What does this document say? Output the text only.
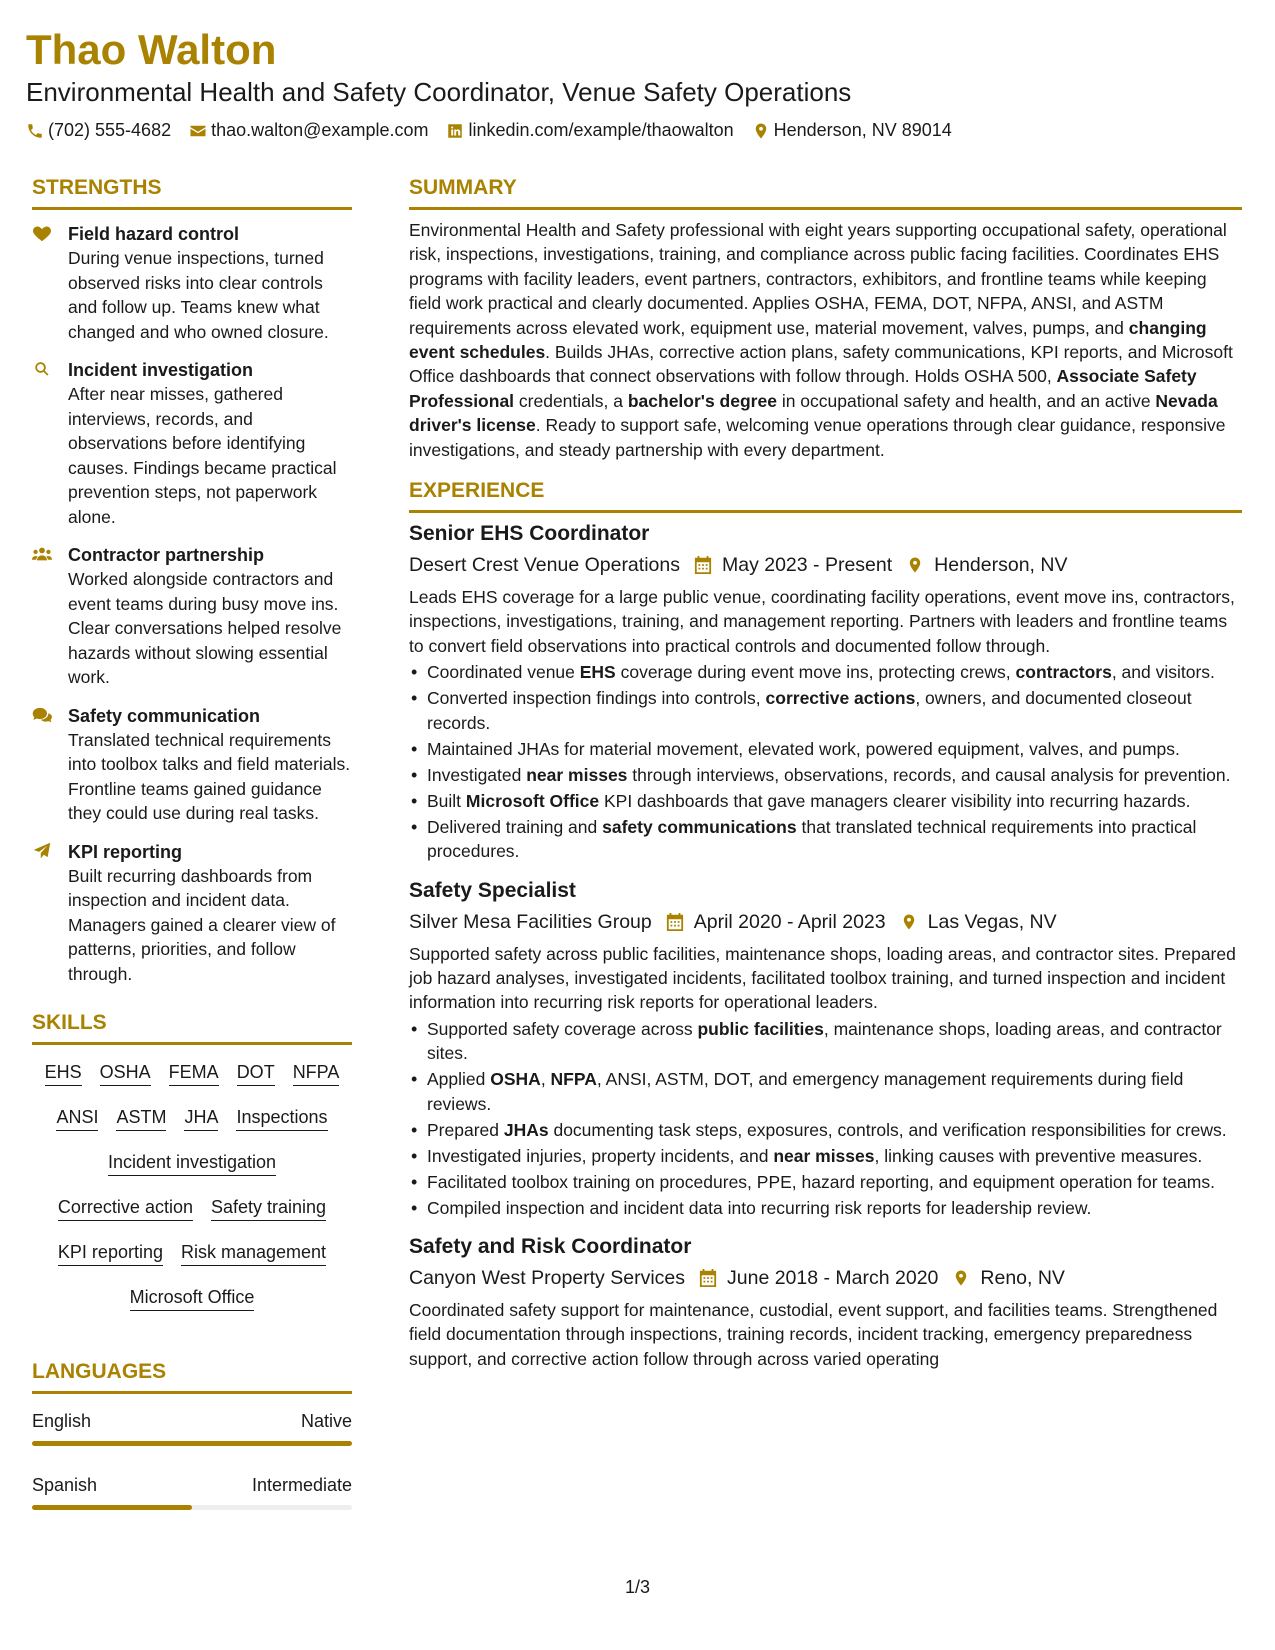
Thao Walton
Environmental Health and Safety Coordinator, Venue Safety Operations
(702) 555-4682 thao.walton@example.com linkedin.com/example/thaowalton Henderson, NV 89014
STRENGTHS
Field hazard control
During venue inspections, turned observed risks into clear controls and follow up. Teams knew what changed and who owned closure.
Incident investigation
After near misses, gathered interviews, records, and observations before identifying causes. Findings became practical prevention steps, not paperwork alone.
Contractor partnership
Worked alongside contractors and event teams during busy move ins. Clear conversations helped resolve hazards without slowing essential work.
Safety communication
Translated technical requirements into toolbox talks and field materials. Frontline teams gained guidance they could use during real tasks.
KPI reporting
Built recurring dashboards from inspection and incident data. Managers gained a clearer view of patterns, priorities, and follow through.
SKILLS
EHS OSHA FEMA DOT NFPA
ANSI ASTM JHA Inspections
Incident investigation
Corrective action Safety training
KPI reporting Risk management
Microsoft Office
LANGUAGES
English	Native
Spanish	Intermediate
SUMMARY
Environmental Health and Safety professional with eight years supporting occupational safety, operational risk, inspections, investigations, training, and compliance across public facing facilities. Coordinates EHS programs with facility leaders, event partners, contractors, exhibitors, and frontline teams while keeping field work practical and clearly documented. Applies OSHA, FEMA, DOT, NFPA, ANSI, and ASTM requirements across elevated work, equipment use, material movement, valves, pumps, and changing event schedules. Builds JHAs, corrective action plans, safety communications, KPI reports, and Microsoft Office dashboards that connect observations with follow through. Holds OSHA 500, Associate Safety Professional credentials, a bachelor's degree in occupational safety and health, and an active Nevada driver's license. Ready to support safe, welcoming venue operations through clear guidance, responsive investigations, and steady partnership with every department.
EXPERIENCE
Senior EHS Coordinator
Desert Crest Venue Operations May 2023 - Present Henderson, NV
Leads EHS coverage for a large public venue, coordinating facility operations, event move ins, contractors, inspections, investigations, training, and management reporting. Partners with leaders and frontline teams to convert field observations into practical controls and documented follow through.
• Coordinated venue EHS coverage during event move ins, protecting crews, contractors, and visitors.
• Converted inspection findings into controls, corrective actions, owners, and documented closeout records.
• Maintained JHAs for material movement, elevated work, powered equipment, valves, and pumps.
• Investigated near misses through interviews, observations, records, and causal analysis for prevention.
• Built Microsoft Office KPI dashboards that gave managers clearer visibility into recurring hazards.
• Delivered training and safety communications that translated technical requirements into practical procedures.
Safety Specialist
Silver Mesa Facilities Group April 2020 - April 2023 Las Vegas, NV
Supported safety across public facilities, maintenance shops, loading areas, and contractor sites. Prepared job hazard analyses, investigated incidents, facilitated toolbox training, and turned inspection and incident information into recurring risk reports for operational leaders.
• Supported safety coverage across public facilities, maintenance shops, loading areas, and contractor sites.
• Applied OSHA, NFPA, ANSI, ASTM, DOT, and emergency management requirements during field reviews.
• Prepared JHAs documenting task steps, exposures, controls, and verification responsibilities for crews.
• Investigated injuries, property incidents, and near misses, linking causes with preventive measures.
• Facilitated toolbox training on procedures, PPE, hazard reporting, and equipment operation for teams.
• Compiled inspection and incident data into recurring risk reports for leadership review.
Safety and Risk Coordinator
Canyon West Property Services June 2018 - March 2020 Reno, NV
Coordinated safety support for maintenance, custodial, event support, and facilities teams. Strengthened field documentation through inspections, training records, incident tracking, emergency preparedness support, and corrective action follow through across varied operating
1/3
